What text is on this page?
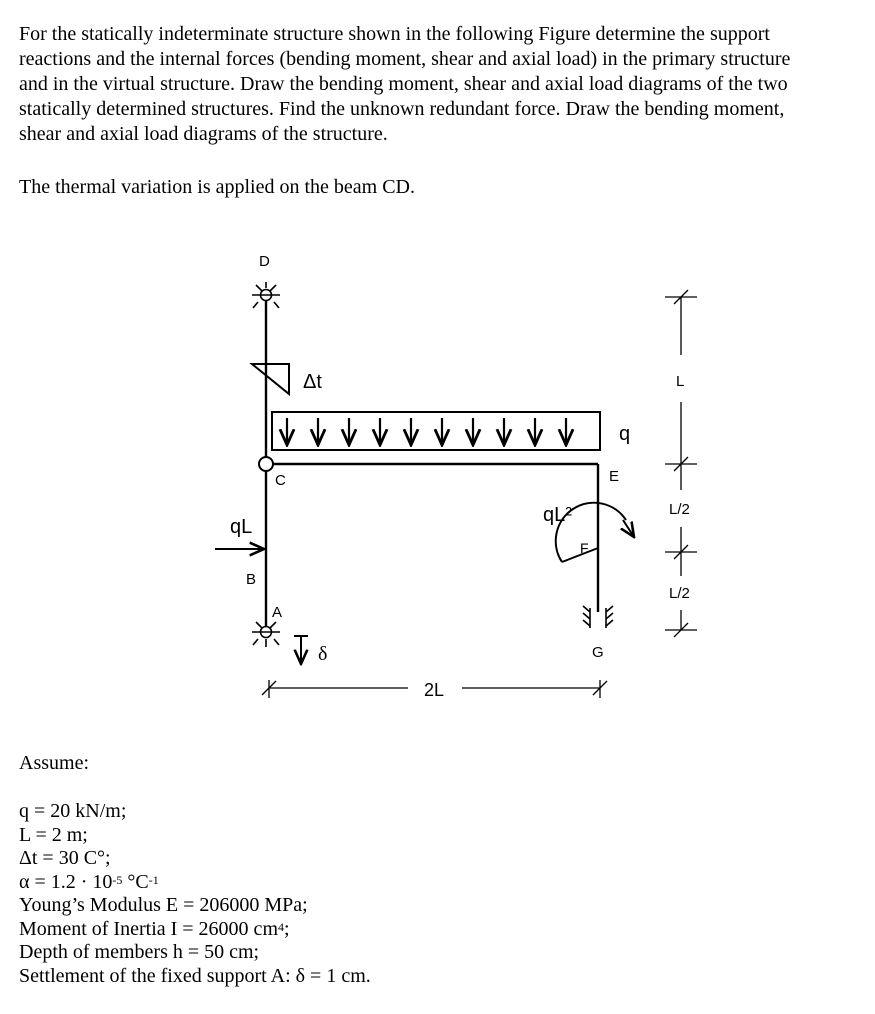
For the statically indeterminate structure shown in the following Figure determine the support
reactions and the internal forces (bending moment, shear and axial load) in the primary structure
and in the virtual structure. Draw the bending moment, shear and axial load diagrams of the two
statically determined structures. Find the unknown redundant force. Draw the bending moment,
shear and axial load diagrams of the structure.
The thermal variation is applied on the beam CD.
D
Δt
q
C	E
qL
qL²
F
B
A
δ	G
2L
L
L/2
L/2
Assume:
q = 20 kN/m;
L = 2 m;
Δt = 30 C°;
$\alpha = 1.2 \cdot 10^{-5}$ $^\circ C^{-1}$
Young’s Modulus E = 206000 MPa;
Moment of Inertia I = 26000 $cm^4$;
Depth of members h = 50 cm;
Settlement of the fixed support A: δ = 1 cm.
